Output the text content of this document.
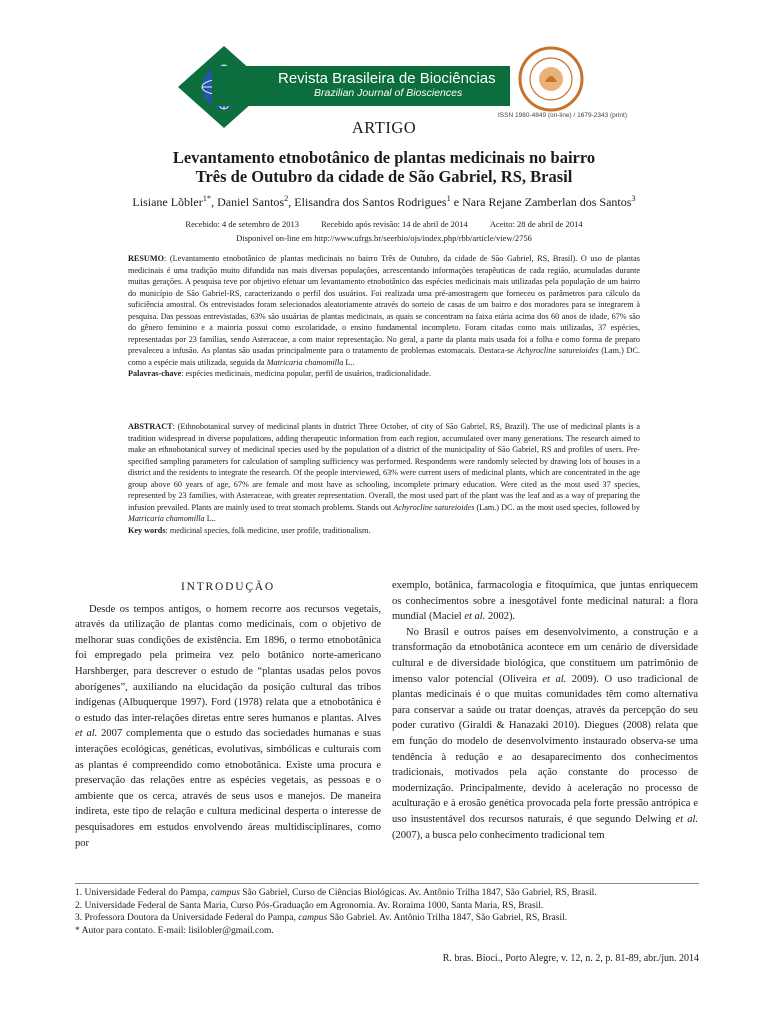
Revista Brasileira de Biociências
Brazilian Journal of Biosciences
ISSN 1980-4849 (on-line) / 1679-2343 (print)
ARTIGO
Levantamento etnobotânico de plantas medicinais no bairro
Três de Outubro da cidade de São Gabriel, RS, Brasil
Lisiane Lõbler$^{1*}$, Daniel Santos$^2$, Elisandra dos Santos Rodrigues$^1$ e Nara Rejane Zamberlan dos Santos$^3$
Recebido: 4 de setembro de 2013	Recebido após revisão: 14 de abril de 2014	Aceito: 28 de abril de 2014
Disponível on-line em http://www.ufrgs.br/seerbio/ojs/index.php/rbb/article/view/2756

RESUMO: (Levantamento etnobotânico de plantas medicinais no bairro Três de Outubro, da cidade de São Gabriel, RS, Brasil). O uso de plantas medicinais é uma tradição muito difundida nas mais diversas populações, acrescentando informações terapêuticas de cada região, acumuladas durante muitas gerações. A pesquisa teve por objetivo efetuar um levantamento etnobotânico das espécies medicinais mais utilizadas pela população de um bairro do município de São Gabriel-RS, caracterizando o perfil dos usuários. Foi realizada uma pré-amostragem que forneceu os parâmetros para cálculo da suficiência amostral. Os entrevistados foram selecionados aleatoriamente através do sorteio de casas de um bairro e dos moradores para se integrarem à pesquisa. Das pessoas entrevistadas, 63% são usuárias de plantas medicinais, as quais se concentram na faixa etária acima dos 60 anos de idade, 67% são do gênero feminino e a maioria possui como escolaridade, o ensino fundamental incompleto. Foram citadas como mais utilizadas, 37 espécies, representadas por 23 famílias, sendo Asteraceae, a com maior representação. No geral, a parte da planta mais usada foi a folha e como forma de preparo prevaleceu a infusão. As plantas são usadas principalmente para o tratamento de problemas estomacais. Destaca-se Achyrocline satureioides (Lam.) DC. como a espécie mais utilizada, seguida da Matricaria chamomilla L..

Palavras-chave: espécies medicinais, medicina popular, perfil de usuários, tradicionalidade.

ABSTRACT: (Ethnobotanical survey of medicinal plants in district Three October, of city of São Gabriel, RS, Brazil). The use of medicinal plants is a tradition widespread in diverse populations, adding therapeutic information from each region, accumulated over many generations. The research aimed to make an ethnobotanical survey of medicinal species used by the population of a district of the municipality of São Gabriel, RS and profiles of users. Pre-specified sampling parameters for calculation of sampling sufficiency was performed. Respondents were randomly selected by drawing lots of houses in a district and the residents to integrate the research. Of the people interviewed, 63% were current users of medicinal plants, which are concentrated in the age group above 60 years of age, 67% are female and most have as schooling, incomplete primary education. Were cited as the most used 37 species, represented by 23 families, with Asteraceae, with greater representation. Overall, the most used part of the plant was the leaf and as a way of preparing the infusion prevailed. Plants are mainly used to treat stomach problems. Stands out Achyrocline satureioides (Lam.) DC. as the most used species, followed by Matricaria chamomilla L..

Key words: medicinal species, folk medicine, user profile, traditionalism.

INTRODUÇÃO

Desde os tempos antigos, o homem recorre aos recursos vegetais, através da utilização de plantas como medicinais, com o objetivo de melhorar suas condições de existência. Em 1896, o termo etnobotânica foi empregado pela primeira vez pelo botânico norte-americano Harshberger, para descrever o estudo de “plantas usadas pelos povos aborígenes”, auxiliando na elucidação da posição cultural das tribos indígenas (Albuquerque 1997). Ford (1978) relata que a etnobotânica é o estudo das inter-relações diretas entre seres humanos e plantas. Alves et al. 2007 complementa que o estudo das sociedades humanas e suas interações ecológicas, genéticas, evolutivas, simbólicas e culturais com as plantas é compreendido como etnobotânica. Existe uma procura e preservação das relações entre as espécies vegetais, as pessoas e o ambiente que os cerca, através de seus usos e manejos. De maneira indireta, este tipo de relação e cultura medicinal desperta o interesse de pesquisadores em estudos envolvendo áreas multidisciplinares, como por

exemplo, botânica, farmacologia e fitoquímica, que juntas enriquecem os conhecimentos sobre a inesgotável fonte medicinal natural: a flora mundial (Maciel et al. 2002).

No Brasil e outros países em desenvolvimento, a construção e a transformação da etnobotânica acontece em um cenário de diversidade cultural e de diversidade biológica, que constituem um patrimônio de imenso valor potencial (Oliveira et al. 2009). O uso tradicional de plantas medicinais é o que muitas comunidades têm como alternativa para conservar a saúde ou tratar doenças, através da percepção do seu poder curativo (Giraldi & Hanazaki 2010). Diegues (2008) relata que em função do modelo de desenvolvimento instaurado observa-se uma tendência à redução e ao desaparecimento dos conhecimentos tradicionais, motivados pela ação constante do processo de modernização. Principalmente, devido à aceleração no processo de aculturação e à erosão genética provocada pela forte pressão antrópica e uso insustentável dos recursos naturais, é que segundo Delwing et al. (2007), a busca pelo conhecimento tradicional tem

1. Universidade Federal do Pampa, campus São Gabriel, Curso de Ciências Biológicas. Av. Antônio Trilha 1847, São Gabriel, RS, Brasil.
2. Universidade Federal de Santa Maria, Curso Pós-Graduação em Agronomia. Av. Roraima 1000, Santa Maria, RS, Brasil.
3. Professora Doutora da Universidade Federal do Pampa, campus São Gabriel. Av. Antônio Trilha 1847, São Gabriel, RS, Brasil.
* Autor para contato. E-mail: lisilobler@gmail.com.
R. bras. Bioci., Porto Alegre, v. 12, n. 2, p. 81-89, abr./jun. 2014
